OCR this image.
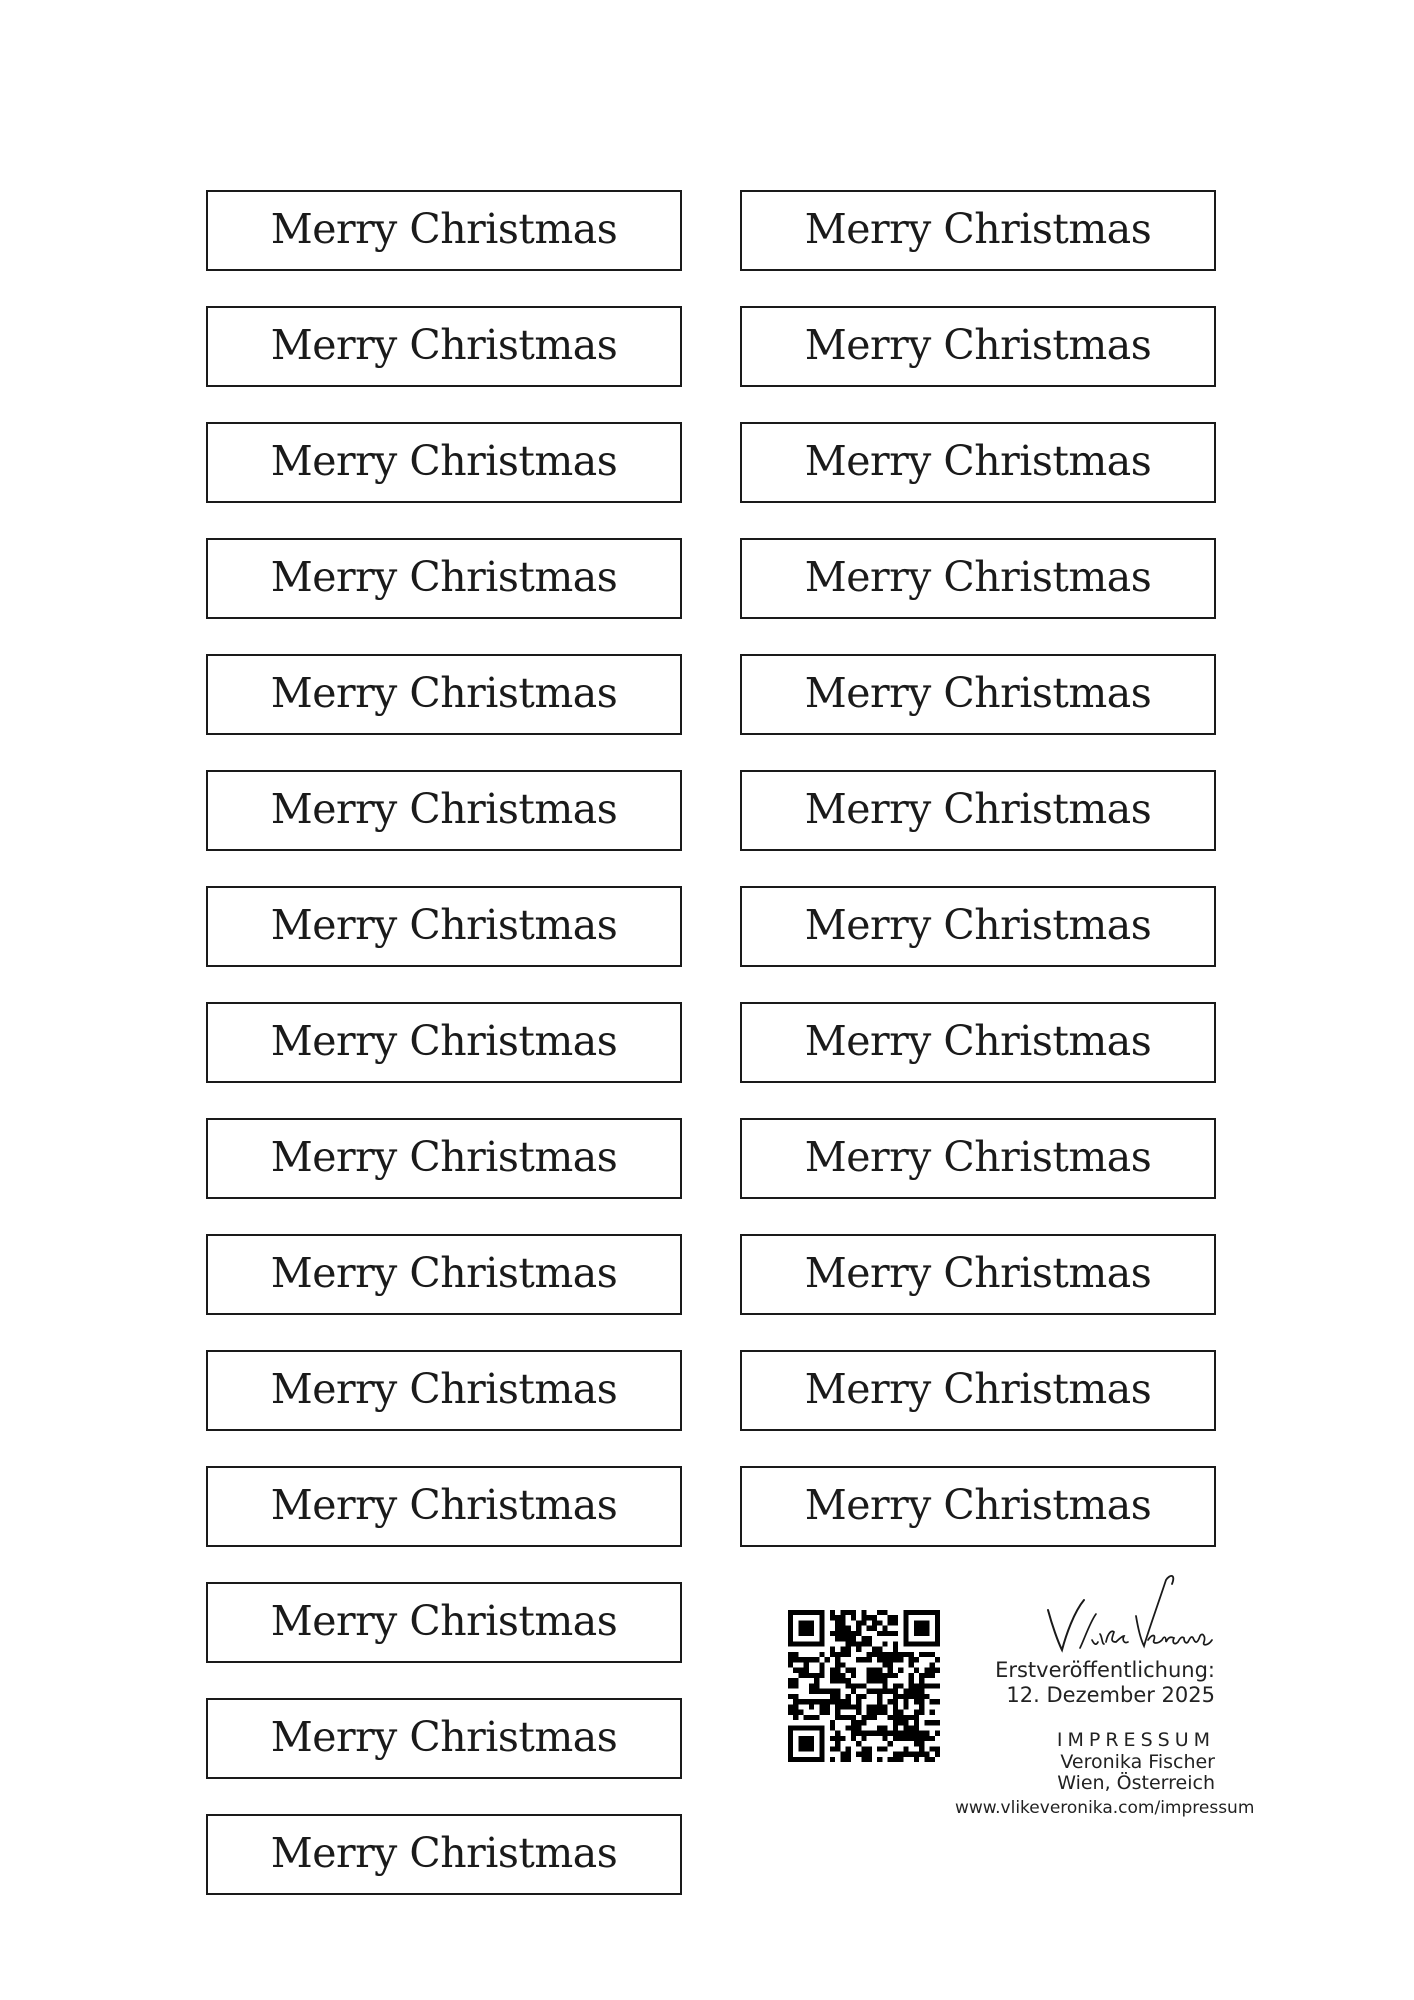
Merry Christmas
Merry Christmas
Merry Christmas
Merry Christmas
Merry Christmas
Merry Christmas
Merry Christmas
Merry Christmas
Merry Christmas
Merry Christmas
Merry Christmas
Merry Christmas
Merry Christmas
Merry Christmas
Merry Christmas
Merry Christmas
Merry Christmas
Merry Christmas
Merry Christmas
Merry Christmas
Merry Christmas
Merry Christmas
Merry Christmas
Merry Christmas
Merry Christmas
Merry Christmas
Merry Christmas
Erstveröffentlichung:
12. Dezember 2025
IMPRESSUM
Veronika Fischer
Wien, Österreich
www.vlikeveronika.com/impressum
